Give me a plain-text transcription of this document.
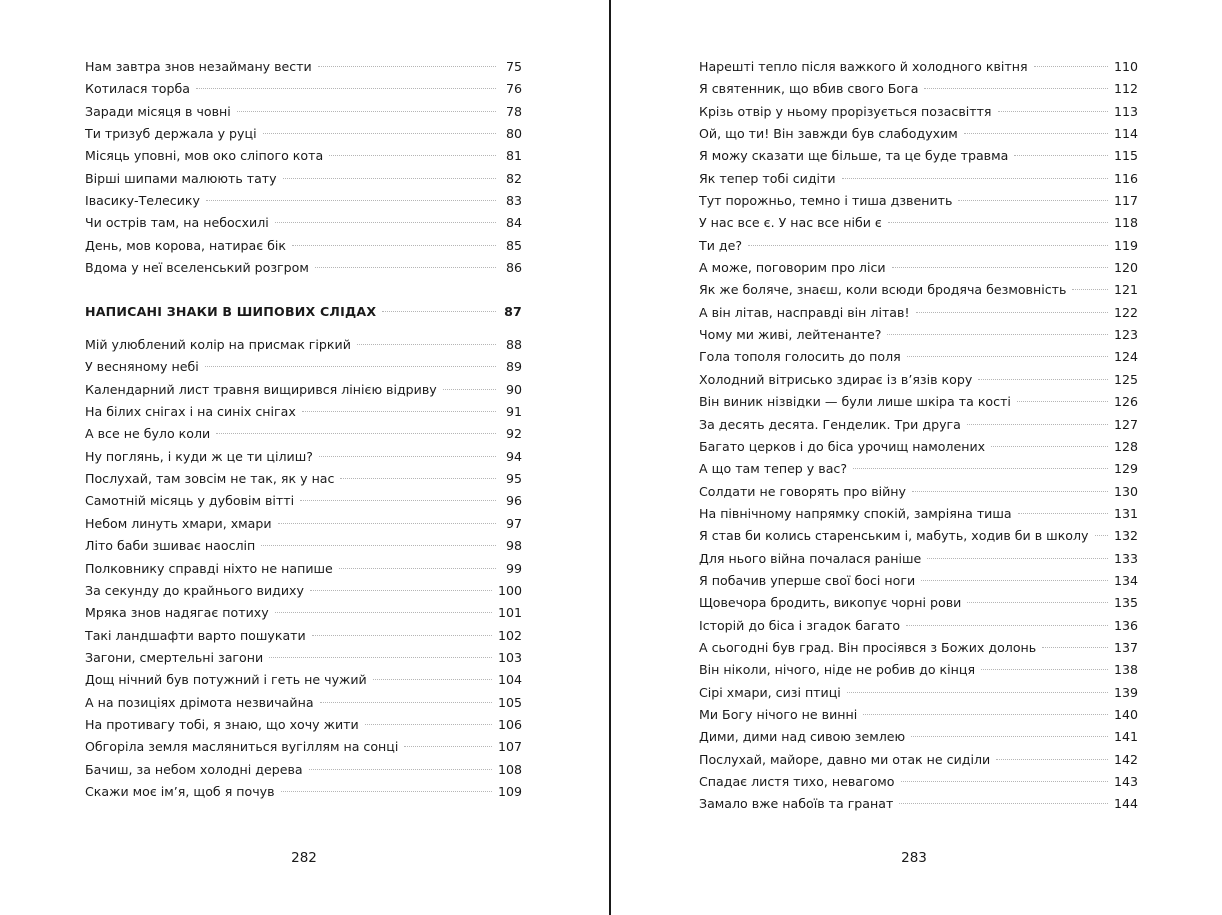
Нам завтра знов незайману вести	75
Котилася торба	76
Заради місяця в човні	78
Ти тризуб держала у руці	80
Місяць уповні, мов око сліпого кота	81
Вірші шипами малюють тату	82
Івасику-Телесику	83
Чи острів там, на небосхилі	84
День, мов корова, натирає бік	85
Вдома у неї вселенський розгром	86
НАПИСАНІ ЗНАКИ В ШИПОВИХ СЛІДАХ	87
Мій улюблений колір на присмак гіркий	88
У весняному небі	89
Календарний лист травня вищирився лінією відриву	90
На білих снігах і на синіх снігах	91
А все не було коли	92
Ну поглянь, і куди ж це ти цілиш?	94
Послухай, там зовсім не так, як у нас	95
Самотній місяць у дубовім вітті	96
Небом линуть хмари, хмари	97
Літо баби зшиває наосліп	98
Полковнику справді ніхто не напише	99
За секунду до крайнього видиху	100
Мряка знов надягає потиху	101
Такі ландшафти варто пошукати	102
Загони, смертельні загони	103
Дощ нічний був потужний і геть не чужий	104
А на позиціях дрімота незвичайна	105
На противагу тобі, я знаю, що хочу жити	106
Обгоріла земля масляниться вугіллям на сонці	107
Бачиш, за небом холодні дерева	108
Скажи моє ім’я, щоб я почув	109
282
Нарешті тепло після важкого й холодного квітня	110
Я святенник, що вбив свого Бога	112
Крізь отвір у ньому прорізується позасвіття	113
Ой, що ти! Він завжди був слабодухим	114
Я можу сказати ще більше, та це буде травма	115
Як тепер тобі сидіти	116
Тут порожньо, темно і тиша дзвенить	117
У нас все є. У нас все ніби є	118
Ти де?	119
А може, поговорим про ліси	120
Як же боляче, знаєш, коли всюди бродяча безмовність	121
А він літав, насправді він літав!	122
Чому ми живі, лейтенанте?	123
Гола тополя голосить до поля	124
Холодний вітрисько здирає із в’язів кору	125
Він виник нізвідки — були лише шкіра та кості	126
За десять десята. Генделик. Три друга	127
Багато церков і до біса урочищ намолених	128
А що там тепер у вас?	129
Солдати не говорять про війну	130
На північному напрямку спокій, замріяна тиша	131
Я став би колись старенським і, мабуть, ходив би в школу	132
Для нього війна почалася раніше	133
Я побачив уперше свої босі ноги	134
Щовечора бродить, викопує чорні рови	135
Історій до біса і згадок багато	136
А сьогодні був град. Він просіявся з Божих долонь	137
Він ніколи, нічого, ніде не робив до кінця	138
Сірі хмари, сизі птиці	139
Ми Богу нічого не винні	140
Дими, дими над сивою землею	141
Послухай, майоре, давно ми отак не сиділи	142
Спадає листя тихо, невагомо	143
Замало вже набоїв та гранат	144
283
